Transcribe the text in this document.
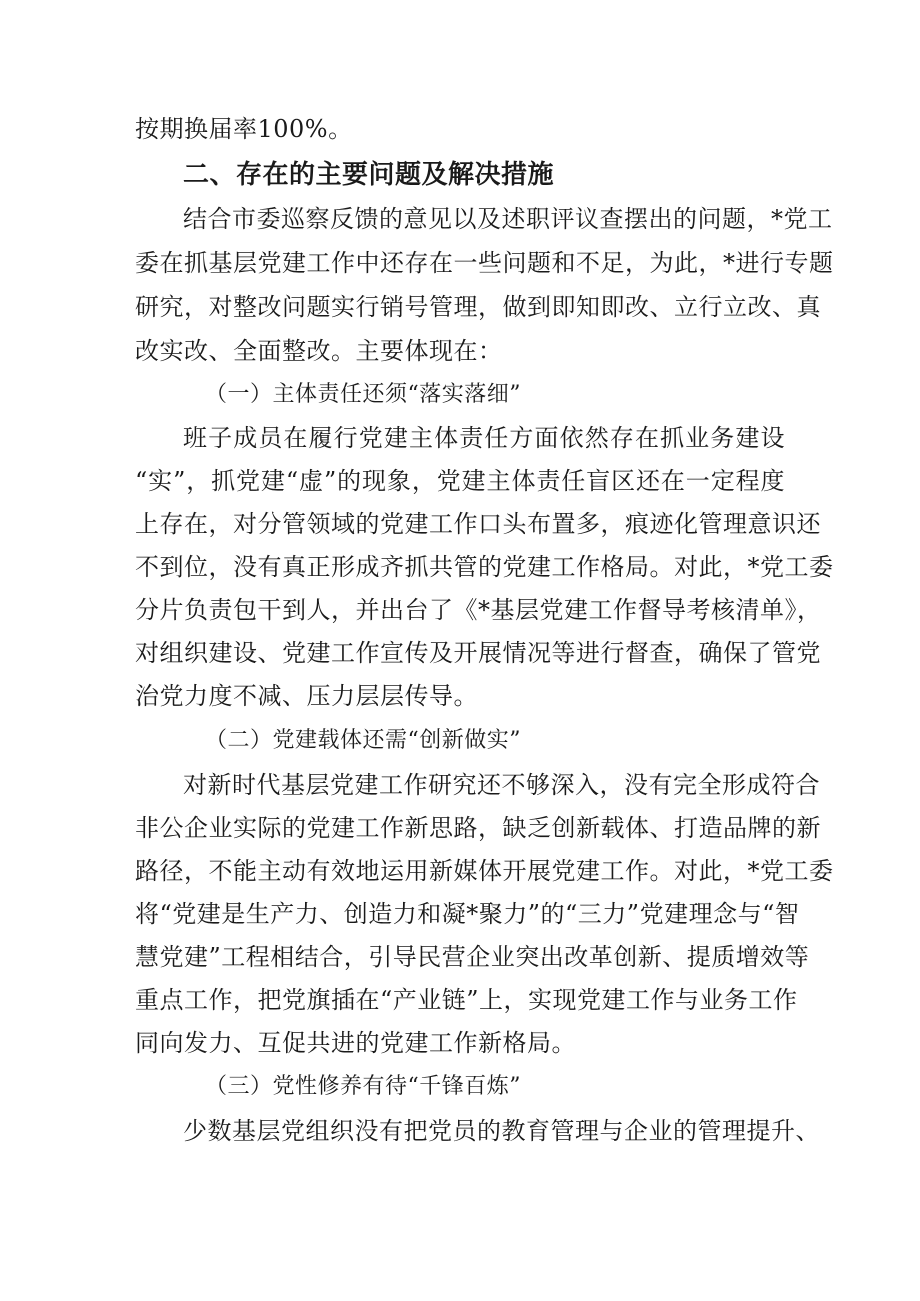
按期换届率100%。
二、存在的主要问题及解决措施
结合市委巡察反馈的意见以及述职评议查摆出的问题，*党工
委在抓基层党建工作中还存在一些问题和不足，为此，*进行专题
研究，对整改问题实行销号管理，做到即知即改、立行立改、真
改实改、全面整改。主要体现在：
（一）主体责任还须“落实落细”
班子成员在履行党建主体责任方面依然存在抓业务建设
“实”，抓党建“虚”的现象，党建主体责任盲区还在一定程度
上存在，对分管领域的党建工作口头布置多，痕迹化管理意识还
不到位，没有真正形成齐抓共管的党建工作格局。对此，*党工委
分片负责包干到人，并出台了《*基层党建工作督导考核清单》，
对组织建设、党建工作宣传及开展情况等进行督查，确保了管党
治党力度不减、压力层层传导。
（二）党建载体还需“创新做实”
对新时代基层党建工作研究还不够深入，没有完全形成符合
非公企业实际的党建工作新思路，缺乏创新载体、打造品牌的新
路径，不能主动有效地运用新媒体开展党建工作。对此，*党工委
将“党建是生产力、创造力和凝*聚力”的“三力”党建理念与“智
慧党建”工程相结合，引导民营企业突出改革创新、提质增效等
重点工作，把党旗插在“产业链”上，实现党建工作与业务工作
同向发力、互促共进的党建工作新格局。
（三）党性修养有待“千锋百炼”
少数基层党组织没有把党员的教育管理与企业的管理提升、
